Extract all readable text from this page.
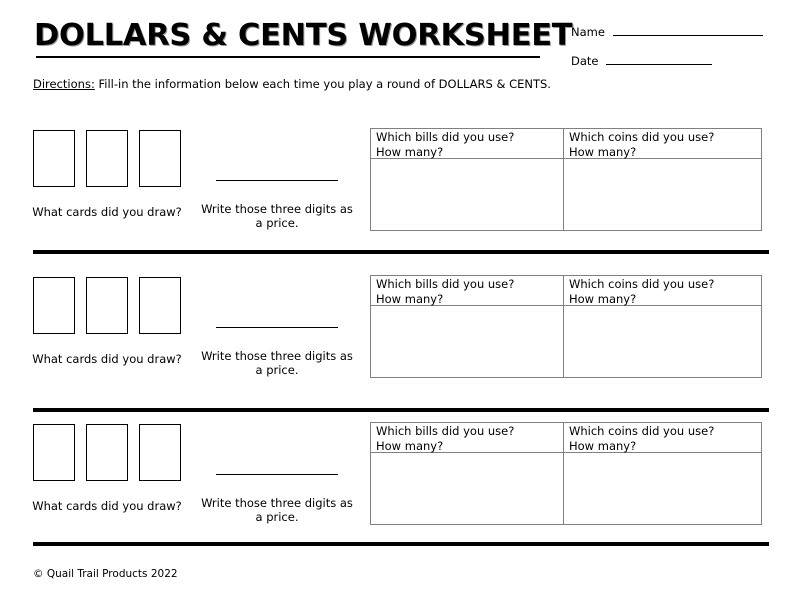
DOLLARS & CENTS WORKSHEET
Name
Date
Directions: Fill-in the information below each time you play a round of DOLLARS & CENTS.
What cards did you draw? Write those three digits as a price.
Which bills did you use?
How many?
Which coins did you use?
How many?
What cards did you draw? Write those three digits as a price.
Which bills did you use?
How many?
Which coins did you use?
How many?
What cards did you draw? Write those three digits as a price.
Which bills did you use?
How many?
Which coins did you use?
How many?
© Quail Trail Products 2022
